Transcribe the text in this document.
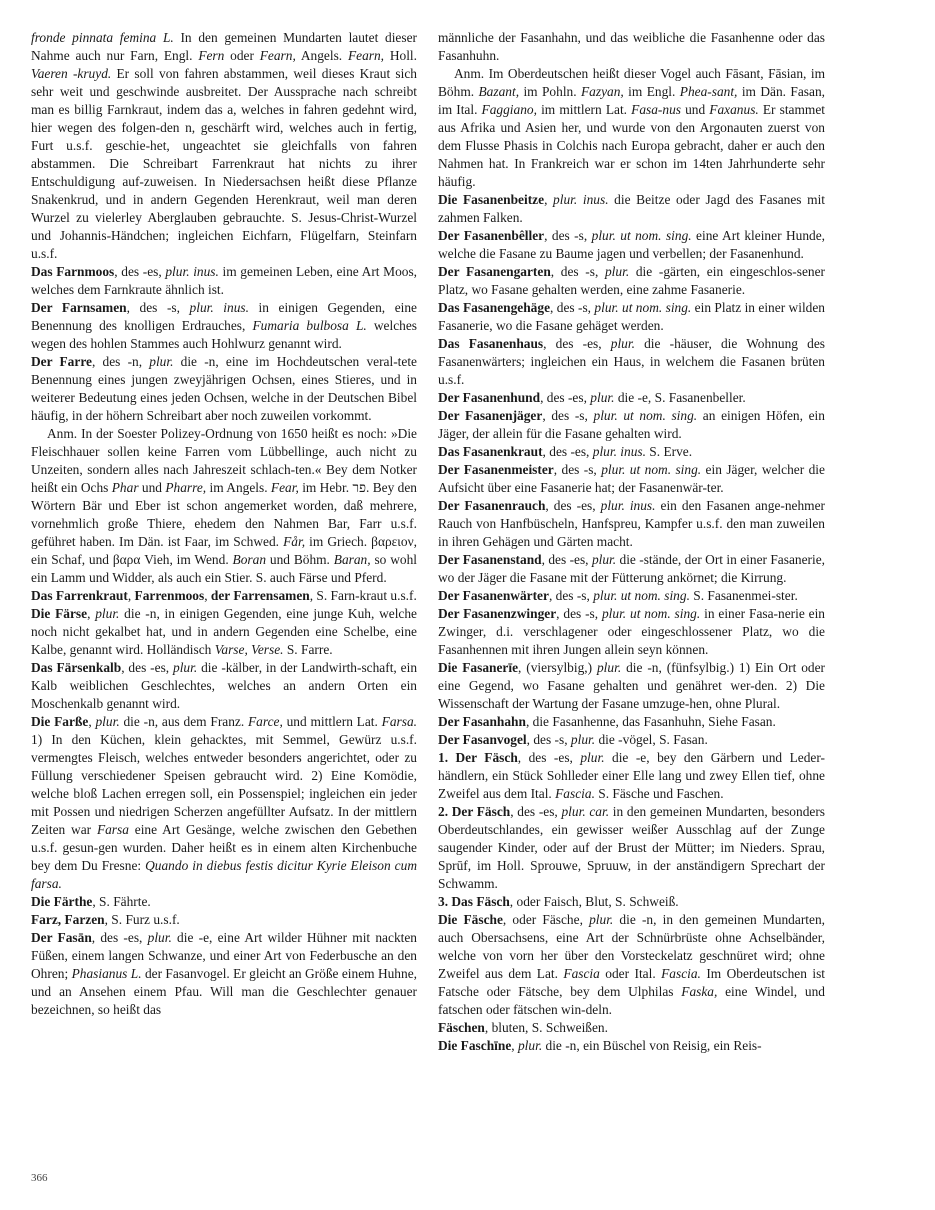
fronde pinnata femina L. In den gemeinen Mundarten lautet dieser Nahme auch nur Farn, Engl. Fern oder Fearn, Angels. Fearn, Holl. Vaeren -kruyd. Er soll von fahren abstammen, weil dieses Kraut sich sehr weit und geschwinde ausbreitet. Der Aussprache nach schreibt man es billig Farnkraut, indem das a, welches in fahren gedehnt wird, hier wegen des folgen-den n, geschärft wird, welches auch in fertig, Furt u.s.f. geschie-het, ungeachtet sie gleichfalls von fahren abstammen. Die Schreibart Farrenkraut hat nichts zu ihrer Entschuldigung auf-zuweisen. In Niedersachsen heißt diese Pflanze Snakenkrud, und in andern Gegenden Herenkraut, weil man deren Wurzel zu vielerley Aberglauben gebrauchte. S. Jesus-Christ-Wurzel und Johannis-Händchen; ingleichen Eichfarn, Flügelfarn, Steinfarn u.s.f.

Das Farnmoos, des -es, plur. inus. im gemeinen Leben, eine Art Moos, welches dem Farnkraute ähnlich ist.

Der Farnsamen, des -s, plur. inus. in einigen Gegenden, eine Benennung des knolligen Erdrauches, Fumaria bulbosa L. welches wegen des hohlen Stammes auch Hohlwurz genannt wird.

Der Farre, des -n, plur. die -n, eine im Hochdeutschen veral-tete Benennung eines jungen zweyjährigen Ochsen, eines Stieres, und in weiterer Bedeutung eines jeden Ochsen, welche in der Deutschen Bibel häufig, in der höhern Schreibart aber noch zuweilen vorkommt.

Anm. In der Soester Polizey-Ordnung von 1650 heißt es noch: »Die Fleischhauer sollen keine Farren vom Lübbellinge, auch nicht zu Unzeiten, sondern alles nach Jahreszeit schlach-ten.« Bey dem Notker heißt ein Ochs Phar und Pharre, im Angels. Fear, im Hebr. פר. Bey den Wörtern Bär und Eber ist schon angemerket worden, daß mehrere, vornehmlich große Thiere, ehedem den Nahmen Bar, Farr u.s.f. geführet haben. Im Dän. ist Faar, im Schwed. Får, im Griech. βαρειον, ein Schaf, und βαρα Vieh, im Wend. Boran und Böhm. Baran, so wohl ein Lamm und Widder, als auch ein Stier. S. auch Färse und Pferd.

Das Farrenkraut, Farrenmoos, der Farrensamen, S. Farn-kraut u.s.f.

Die Färse, plur. die -n, in einigen Gegenden, eine junge Kuh, welche noch nicht gekalbet hat, und in andern Gegenden eine Schelbe, eine Kalbe, genannt wird. Holländisch Varse, Verse. S. Farre.

Das Färsenkalb, des -es, plur. die -kälber, in der Landwirth-schaft, ein Kalb weiblichen Geschlechtes, welches an andern Orten ein Moschenkalb genannt wird.

Die Farße, plur. die -n, aus dem Franz. Farce, und mittlern Lat. Farsa. 1) In den Küchen, klein gehacktes, mit Semmel, Gewürz u.s.f. vermengtes Fleisch, welches entweder besonders angerichtet, oder zu Füllung verschiedener Speisen gebraucht wird. 2) Eine Komödie, welche bloß Lachen erregen soll, ein Possenspiel; ingleichen ein jeder mit Possen und niedrigen Scherzen angefüllter Aufsatz. In der mittlern Zeiten war Farsa eine Art Gesänge, welche zwischen den Gebethen u.s.f. gesun-gen wurden. Daher heißt es in einem alten Kirchenbuche bey dem Du Fresne: Quando in diebus festis dicitur Kyrie Eleison cum farsa.

Die Färthe, S. Fährte.

Farz, Farzen, S. Furz u.s.f.

Der Fasān, des -es, plur. die -e, eine Art wilder Hühner mit nackten Füßen, einem langen Schwanze, und einer Art von Federbusche an den Ohren; Phasianus L. der Fasanvogel. Er gleicht an Größe einem Huhne, und an Ansehen einem Pfau. Will man die Geschlechter genauer bezeichnen, so heißt das

männliche der Fasanhahn, und das weibliche die Fasanhenne oder das Fasanhuhn.

Anm. Im Oberdeutschen heißt dieser Vogel auch Fāsant, Fāsian, im Böhm. Bazant, im Pohln. Fazyan, im Engl. Phea-sant, im Dän. Fasan, im Ital. Faggiano, im mittlern Lat. Fasa-nus und Faxanus. Er stammet aus Afrika und Asien her, und wurde von den Argonauten zuerst von dem Flusse Phasis in Colchis nach Europa gebracht, daher er auch den Nahmen hat. In Frankreich war er schon im 14ten Jahrhunderte sehr häufig.

Die Fasanenbeitze, plur. inus. die Beitze oder Jagd des Fasanes mit zahmen Falken.

Der Fasanenbêller, des -s, plur. ut nom. sing. eine Art kleiner Hunde, welche die Fasane zu Baume jagen und verbellen; der Fasanenhund.

Der Fasanengarten, des -s, plur. die -gärten, ein eingeschlos-sener Platz, wo Fasane gehalten werden, eine zahme Fasanerie.

Das Fasanengehäge, des -s, plur. ut nom. sing. ein Platz in einer wilden Fasanerie, wo die Fasane gehäget werden.

Das Fasanenhaus, des -es, plur. die -häuser, die Wohnung des Fasanenwärters; ingleichen ein Haus, in welchem die Fasanen brüten u.s.f.

Der Fasanenhund, des -es, plur. die -e, S. Fasanenbeller.

Der Fasanenjäger, des -s, plur. ut nom. sing. an einigen Höfen, ein Jäger, der allein für die Fasane gehalten wird.

Das Fasanenkraut, des -es, plur. inus. S. Erve.

Der Fasanenmeister, des -s, plur. ut nom. sing. ein Jäger, welcher die Aufsicht über eine Fasanerie hat; der Fasanenwär-ter.

Der Fasanenrauch, des -es, plur. inus. ein den Fasanen ange-nehmer Rauch von Hanfbüscheln, Hanfspreu, Kampfer u.s.f. den man zuweilen in ihren Gehägen und Gärten macht.

Der Fasanenstand, des -es, plur. die -stände, der Ort in einer Fasanerie, wo der Jäger die Fasane mit der Fütterung ankörnet; die Kirrung.

Der Fasanenwärter, des -s, plur. ut nom. sing. S. Fasanenmei-ster.

Der Fasanenzwinger, des -s, plur. ut nom. sing. in einer Fasa-nerie ein Zwinger, d.i. verschlagener oder eingeschlossener Platz, wo die Fasanhennen mit ihren Jungen allein seyn können.

Die Fasanerīe, (viersylbig,) plur. die -n, (fünfsylbig.) 1) Ein Ort oder eine Gegend, wo Fasane gehalten und genähret wer-den. 2) Die Wissenschaft der Wartung der Fasane umzuge-hen, ohne Plural.

Der Fasanhahn, die Fasanhenne, das Fasanhuhn, Siehe Fasan.

Der Fasanvogel, des -s, plur. die -vögel, S. Fasan.

1. Der Fäsch, des -es, plur. die -e, bey den Gärbern und Leder-händlern, ein Stück Sohlleder einer Elle lang und zwey Ellen tief, ohne Zweifel aus dem Ital. Fascia. S. Fäsche und Faschen.

2. Der Fäsch, des -es, plur. car. in den gemeinen Mundarten, besonders Oberdeutschlandes, ein gewisser weißer Ausschlag auf der Zunge saugender Kinder, oder auf der Brust der Mütter; im Nieders. Sprau, Sprūf, im Holl. Sprouwe, Spruuw, in der anständigern Sprechart der Schwamm.

3. Das Fäsch, oder Faisch, Blut, S. Schweiß.

Die Fäsche, oder Fäsche, plur. die -n, in den gemeinen Mundarten, auch Obersachsens, eine Art der Schnürbrüste ohne Achselbänder, welche von vorn her über den Vorsteckelatz geschnüret wird; ohne Zweifel aus dem Lat. Fascia oder Ital. Fascia. Im Oberdeutschen ist Fatsche oder Fätsche, bey dem Ulphilas Faska, eine Windel, und fatschen oder fätschen win-deln.

Fäschen, bluten, S. Schweißen.

Die Faschīne, plur. die -n, ein Büschel von Reisig, ein Reis-

366
